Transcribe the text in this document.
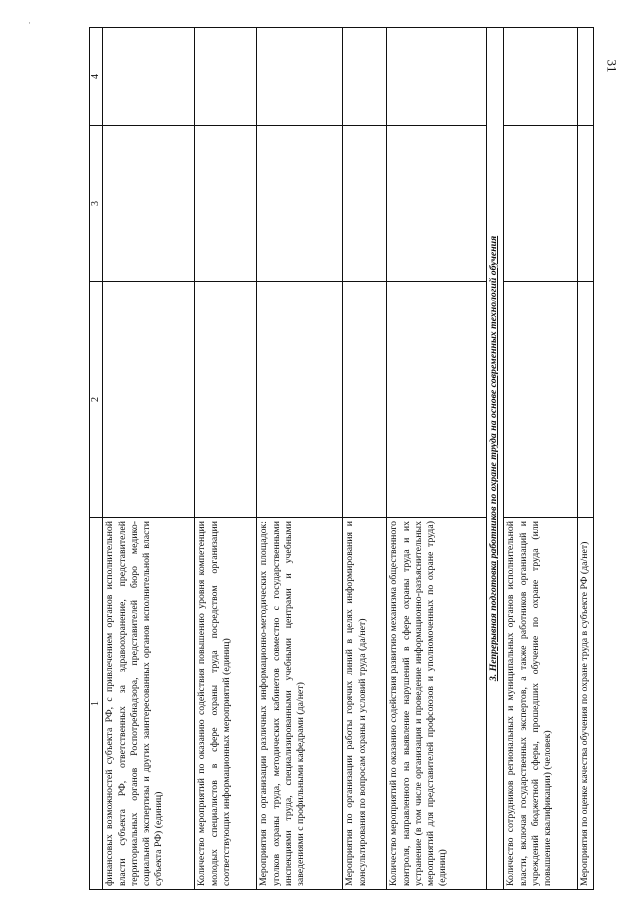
·
31
1	2	3	4
финансовых возможностей субъекта РФ, с привлечением органов исполнительной власти субъекта РФ, ответственных за здравоохранение, представителей территориальных органов Роспотребнадзора, представителей бюро медико-социальной экспертизы и других заинтересованных органов исполнительной власти субъекта РФ) (единиц)			
Количество мероприятий по оказанию содействия повышению уровня компетенции молодых специалистов в сфере охраны труда посредством организации соответствующих информационных мероприятий (единиц)			
Мероприятия по организации различных информационно-методических площадок: уголков охраны труда, методических кабинетов совместно с государственными инспекциями труда, специализированными учебными центрами и учебными заведениями с профильными кафедрами (да/нет)			
Мероприятия по организации работы горячих линий в целях информирования и консультирования по вопросам охраны и условий труда (да/нет)			
Количество мероприятий по оказанию содействия развитию механизма общественного контроля, направленного на выявление нарушений в сфере охраны труда и их устранение (в том числе организация и проведение информационно-разъяснительных мероприятий для представителей профсоюзов и уполномоченных по охране труда) (единиц)			
3. Непрерывная подготовка работников по охране труда на основе современных технологий обучения			
Количество сотрудников региональных и муниципальных органов исполнительной власти, включая государственных экспертов, а также работников организаций и учреждений бюджетной сферы, прошедших обучение по охране труда (или повышение квалификации) (человек)			
Мероприятия по оценке качества обучения по охране труда в субъекте РФ (да/нет)			
